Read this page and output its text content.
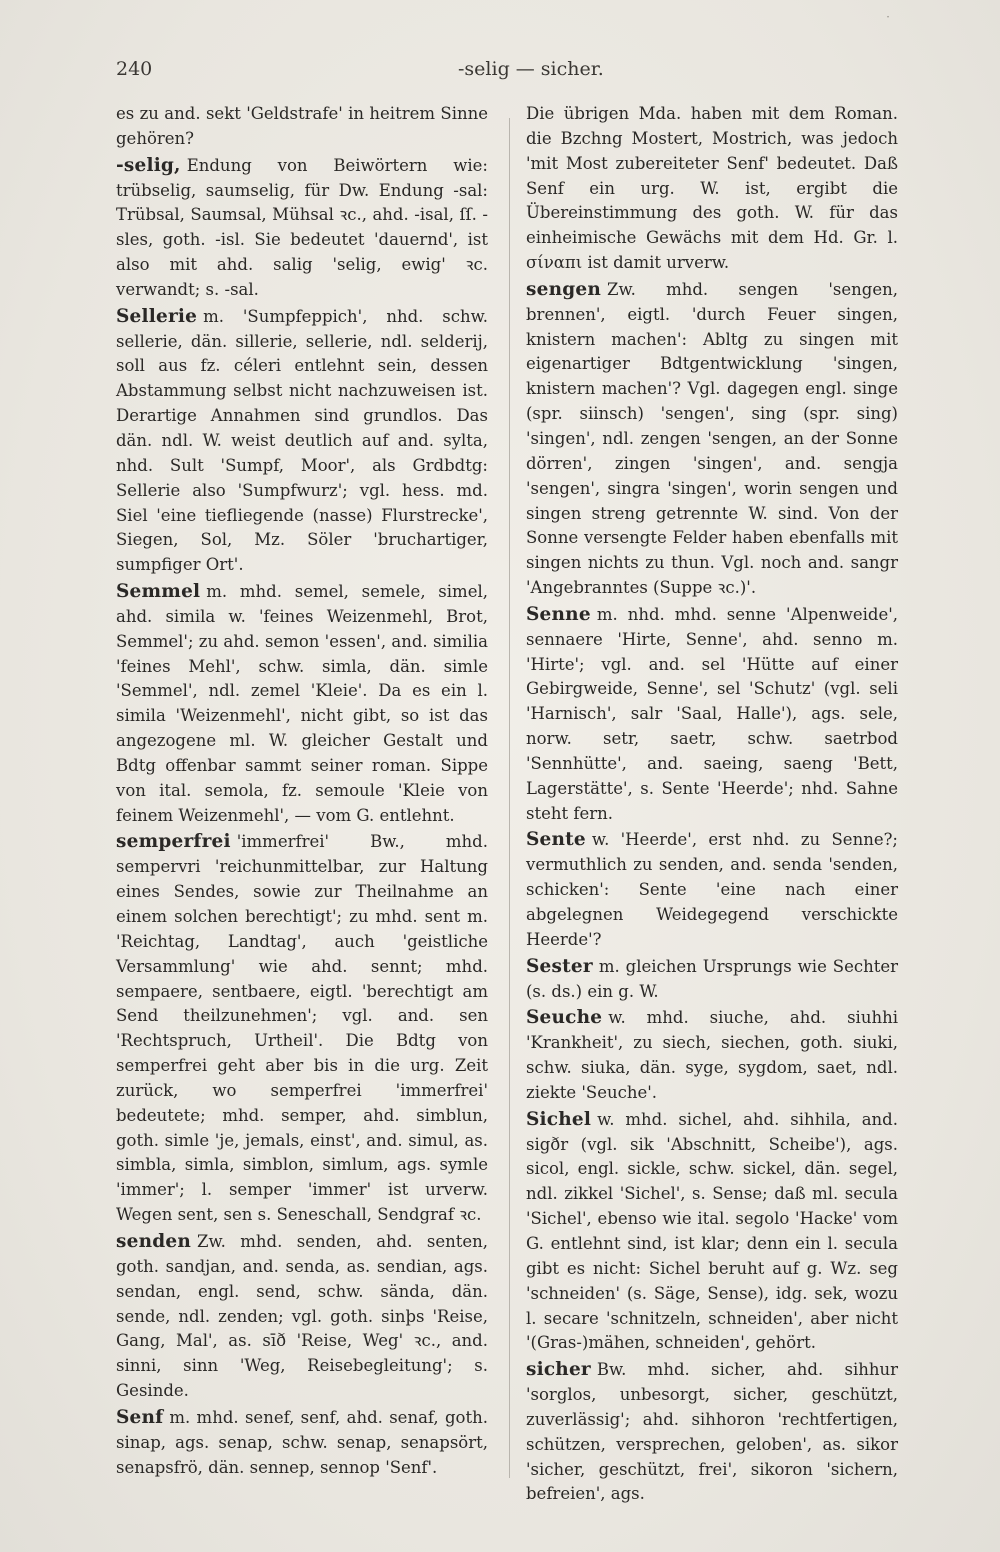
·
240	-selig — sicher.

es zu and. sekt 'Geldstrafe' in heitrem Sinne gehören?

-selig, Endung von Beiwörtern wie: trübselig, saumselig, für Dw. Endung -sal: Trübsal, Saumsal, Mühsal ꝛc., ahd. -isal, ſſ. -sles, goth. -isl. Sie bedeutet 'dauernd', ist also mit ahd. salig 'selig, ewig' ꝛc. verwandt; s. -sal.

Sellerie m. 'Sumpfeppich', nhd. schw. sellerie, dän. sillerie, sellerie, ndl. selderij, soll aus fz. céleri entlehnt sein, dessen Abstammung selbst nicht nachzuweisen ist. Derartige Annahmen sind grundlos. Das dän. ndl. W. weist deutlich auf and. sylta, nhd. Sult 'Sumpf, Moor', als Grdbdtg: Sellerie also 'Sumpfwurz'; vgl. hess. md. Siel 'eine tiefliegende (nasse) Flurstrecke', Siegen, Sol, Mz. Söler 'bruchartiger, sumpfiger Ort'.

Semmel m. mhd. semel, semele, simel, ahd. simila w. 'feines Weizenmehl, Brot, Semmel'; zu ahd. semon 'essen', and. similia 'feines Mehl', schw. simla, dän. simle 'Semmel', ndl. zemel 'Kleie'. Da es ein l. simila 'Weizenmehl', nicht gibt, so ist das angezogene ml. W. gleicher Gestalt und Bdtg offenbar sammt seiner roman. Sippe von ital. semola, fz. semoule 'Kleie von feinem Weizenmehl', — vom G. entlehnt.

semperfrei 'immerfrei' Bw., mhd. sempervri 'reichunmittelbar, zur Haltung eines Sendes, sowie zur Theilnahme an einem solchen berechtigt'; zu mhd. sent m. 'Reichtag, Landtag', auch 'geistliche Versammlung' wie ahd. sennt; mhd. sempaere, sentbaere, eigtl. 'berechtigt am Send theilzunehmen'; vgl. and. sen 'Rechtspruch, Urtheil'. Die Bdtg von semperfrei geht aber bis in die urg. Zeit zurück, wo semperfrei 'immerfrei' bedeutete; mhd. semper, ahd. simblun, goth. simle 'je, jemals, einst', and. simul, as. simbla, simla, simblon, simlum, ags. symle 'immer'; l. semper 'immer' ist urverw. Wegen sent, sen s. Seneschall, Sendgraf ꝛc.

senden Zw. mhd. senden, ahd. senten, goth. sandjan, and. senda, as. sendian, ags. sendan, engl. send, schw. sända, dän. sende, ndl. zenden; vgl. goth. sinþs 'Reise, Gang, Mal', as. sīð 'Reise, Weg' ꝛc., and. sinni, sinn 'Weg, Reisebegleitung'; s. Gesinde.

Senf m. mhd. senef, senf, ahd. senaf, goth. sinap, ags. senap, schw. senap, senapsört, senapsfrö, dän. sennep, sennop 'Senf'.

Die übrigen Mda. haben mit dem Roman. die Bzchng Mostert, Mostrich, was jedoch 'mit Most zubereiteter Senf' bedeutet. Daß Senf ein urg. W. ist, ergibt die Übereinstimmung des goth. W. für das einheimische Gewächs mit dem Hd. Gr. l. σίναπι ist damit urverw.

sengen Zw. mhd. sengen 'sengen, brennen', eigtl. 'durch Feuer singen, knistern machen': Abltg zu singen mit eigenartiger Bdtgentwicklung 'singen, knistern machen'? Vgl. dagegen engl. singe (spr. siinsch) 'sengen', sing (spr. sing) 'singen', ndl. zengen 'sengen, an der Sonne dörren', zingen 'singen', and. sengja 'sengen', singra 'singen', worin sengen und singen streng getrennte W. sind. Von der Sonne versengte Felder haben ebenfalls mit singen nichts zu thun. Vgl. noch and. sangr 'Angebranntes (Suppe ꝛc.)'.

Senne m. nhd. mhd. senne 'Alpenweide', sennaere 'Hirte, Senne', ahd. senno m. 'Hirte'; vgl. and. sel 'Hütte auf einer Gebirgweide, Senne', sel 'Schutz' (vgl. seli 'Harnisch', salr 'Saal, Halle'), ags. sele, norw. setr, saetr, schw. saetrbod 'Sennhütte', and. saeing, saeng 'Bett, Lagerstätte', s. Sente 'Heerde'; nhd. Sahne steht fern.

Sente w. 'Heerde', erst nhd. zu Senne?; vermuthlich zu senden, and. senda 'senden, schicken': Sente 'eine nach einer abgelegnen Weidegegend verschickte Heerde'?

Sester m. gleichen Ursprungs wie Sechter (s. ds.) ein g. W.

Seuche w. mhd. siuche, ahd. siuhhi 'Krankheit', zu siech, siechen, goth. siuki, schw. siuka, dän. syge, sygdom, saet, ndl. ziekte 'Seuche'.

Sichel w. mhd. sichel, ahd. sihhila, and. sigðr (vgl. sik 'Abschnitt, Scheibe'), ags. sicol, engl. sickle, schw. sickel, dän. segel, ndl. zikkel 'Sichel', s. Sense; daß ml. secula 'Sichel', ebenso wie ital. segolo 'Hacke' vom G. entlehnt sind, ist klar; denn ein l. secula gibt es nicht: Sichel beruht auf g. Wz. seg 'schneiden' (s. Säge, Sense), idg. sek, wozu l. secare 'schnitzeln, schneiden', aber nicht '(Gras-)mähen, schneiden', gehört.

sicher Bw. mhd. sicher, ahd. sihhur 'sorglos, unbesorgt, sicher, geschützt, zuverlässig'; ahd. sihhoron 'rechtfertigen, schützen, versprechen, geloben', as. sikor 'sicher, geschützt, frei', sikoron 'sichern, befreien', ags.
